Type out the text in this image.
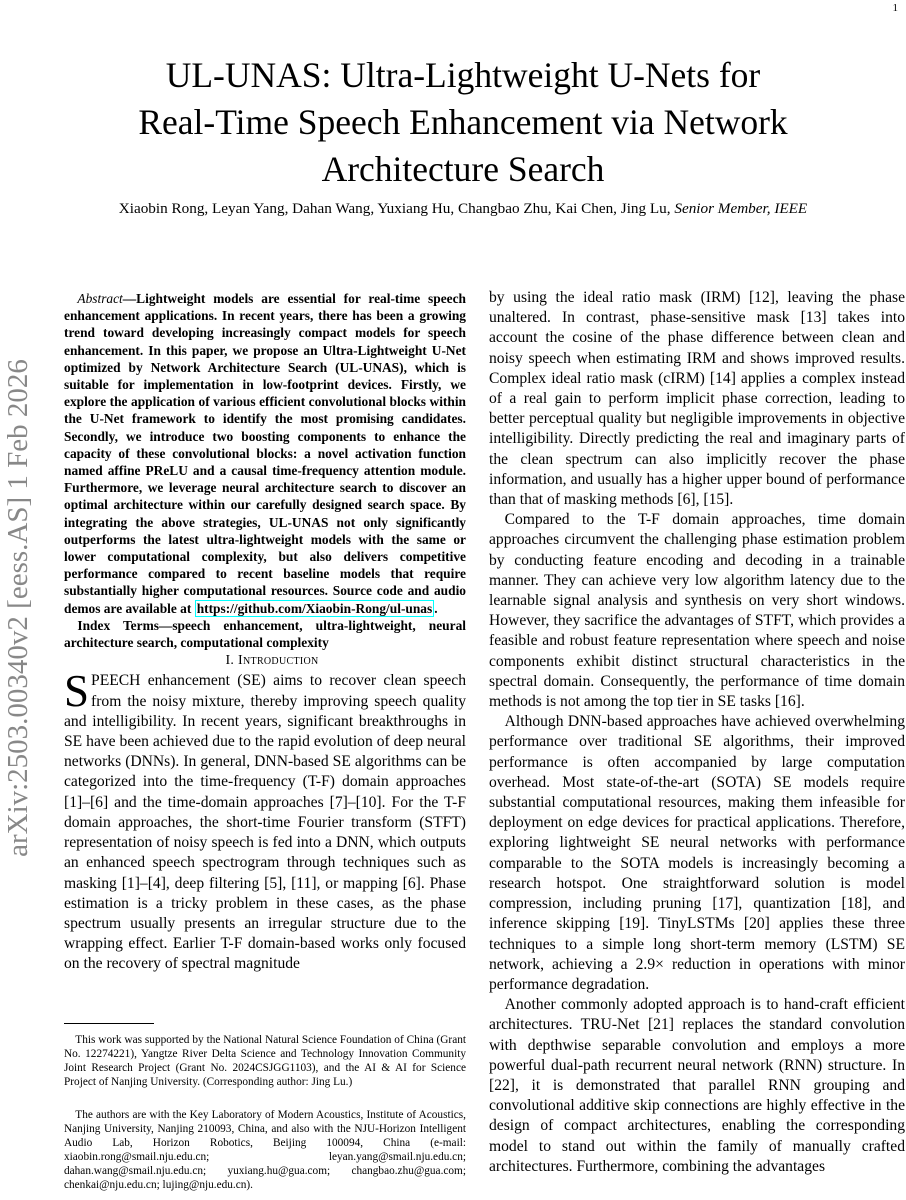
1
arXiv:2503.00340v2 [eess.AS] 1 Feb 2026
UL-UNAS: Ultra-Lightweight U-Nets for
Real-Time Speech Enhancement via Network
Architecture Search
Xiaobin Rong, Leyan Yang, Dahan Wang, Yuxiang Hu, Changbao Zhu, Kai Chen, Jing Lu, Senior Member, IEEE

Abstract—Lightweight models are essential for real-time speech enhancement applications. In recent years, there has been a growing trend toward developing increasingly compact models for speech enhancement. In this paper, we propose an Ultra-Lightweight U-Net optimized by Network Architecture Search (UL-UNAS), which is suitable for implementation in low-footprint devices. Firstly, we explore the application of various efficient convolutional blocks within the U-Net framework to identify the most promising candidates. Secondly, we introduce two boosting components to enhance the capacity of these convolutional blocks: a novel activation function named affine PReLU and a causal time-frequency attention module. Furthermore, we leverage neural architecture search to discover an optimal architecture within our carefully designed search space. By integrating the above strategies, UL-UNAS not only significantly outperforms the latest ultra-lightweight models with the same or lower computational complexity, but also delivers competitive performance compared to recent baseline models that require substantially higher computational resources. Source code and audio demos are available at https://github.com/Xiaobin-Rong/ul-unas .

Index Terms—speech enhancement, ultra-lightweight, neural architecture search, computational complexity

I. Introduction

SPEECH enhancement (SE) aims to recover clean speech from the noisy mixture, thereby improving speech quality and intelligibility. In recent years, significant breakthroughs in SE have been achieved due to the rapid evolution of deep neural networks (DNNs). In general, DNN-based SE algorithms can be categorized into the time-frequency (T-F) domain approaches [1]–[6] and the time-domain approaches [7]–[10]. For the T-F domain approaches, the short-time Fourier transform (STFT) representation of noisy speech is fed into a DNN, which outputs an enhanced speech spectrogram through techniques such as masking [1]–[4], deep filtering [5], [11], or mapping [6]. Phase estimation is a tricky problem in these cases, as the phase spectrum usually presents an irregular structure due to the wrapping effect. Earlier T-F domain-based works only focused on the recovery of spectral magnitude

This work was supported by the National Natural Science Foundation of China (Grant No. 12274221), Yangtze River Delta Science and Technology Innovation Community Joint Research Project (Grant No. 2024CSJGG1103), and the AI & AI for Science Project of Nanjing University. (Corresponding author: Jing Lu.)

The authors are with the Key Laboratory of Modern Acoustics, Institute of Acoustics, Nanjing University, Nanjing 210093, China, and also with the NJU-Horizon Intelligent Audio Lab, Horizon Robotics, Beijing 100094, China (e-mail: xiaobin.rong@smail.nju.edu.cn; leyan.yang@smail.nju.edu.cn; dahan.wang@smail.nju.edu.cn; yuxiang.hu@gua.com; changbao.zhu@gua.com; chenkai@nju.edu.cn; lujing@nju.edu.cn).

by using the ideal ratio mask (IRM) [12], leaving the phase unaltered. In contrast, phase-sensitive mask [13] takes into account the cosine of the phase difference between clean and noisy speech when estimating IRM and shows improved results. Complex ideal ratio mask (cIRM) [14] applies a complex instead of a real gain to perform implicit phase correction, leading to better perceptual quality but negligible improvements in objective intelligibility. Directly predicting the real and imaginary parts of the clean spectrum can also implicitly recover the phase information, and usually has a higher upper bound of performance than that of masking methods [6], [15].

Compared to the T-F domain approaches, time domain approaches circumvent the challenging phase estimation problem by conducting feature encoding and decoding in a trainable manner. They can achieve very low algorithm latency due to the learnable signal analysis and synthesis on very short windows. However, they sacrifice the advantages of STFT, which provides a feasible and robust feature representation where speech and noise components exhibit distinct structural characteristics in the spectral domain. Consequently, the performance of time domain methods is not among the top tier in SE tasks [16].

Although DNN-based approaches have achieved overwhelming performance over traditional SE algorithms, their improved performance is often accompanied by large computation overhead. Most state-of-the-art (SOTA) SE models require substantial computational resources, making them infeasible for deployment on edge devices for practical applications. Therefore, exploring lightweight SE neural networks with performance comparable to the SOTA models is increasingly becoming a research hotspot. One straightforward solution is model compression, including pruning [17], quantization [18], and inference skipping [19]. TinyLSTMs [20] applies these three techniques to a simple long short-term memory (LSTM) SE network, achieving a 2.9× reduction in operations with minor performance degradation.

Another commonly adopted approach is to hand-craft efficient architectures. TRU-Net [21] replaces the standard convolution with depthwise separable convolution and employs a more powerful dual-path recurrent neural network (RNN) structure. In [22], it is demonstrated that parallel RNN grouping and convolutional additive skip connections are highly effective in the design of compact architectures, enabling the corresponding model to stand out within the family of manually crafted architectures. Furthermore, combining the advantages
